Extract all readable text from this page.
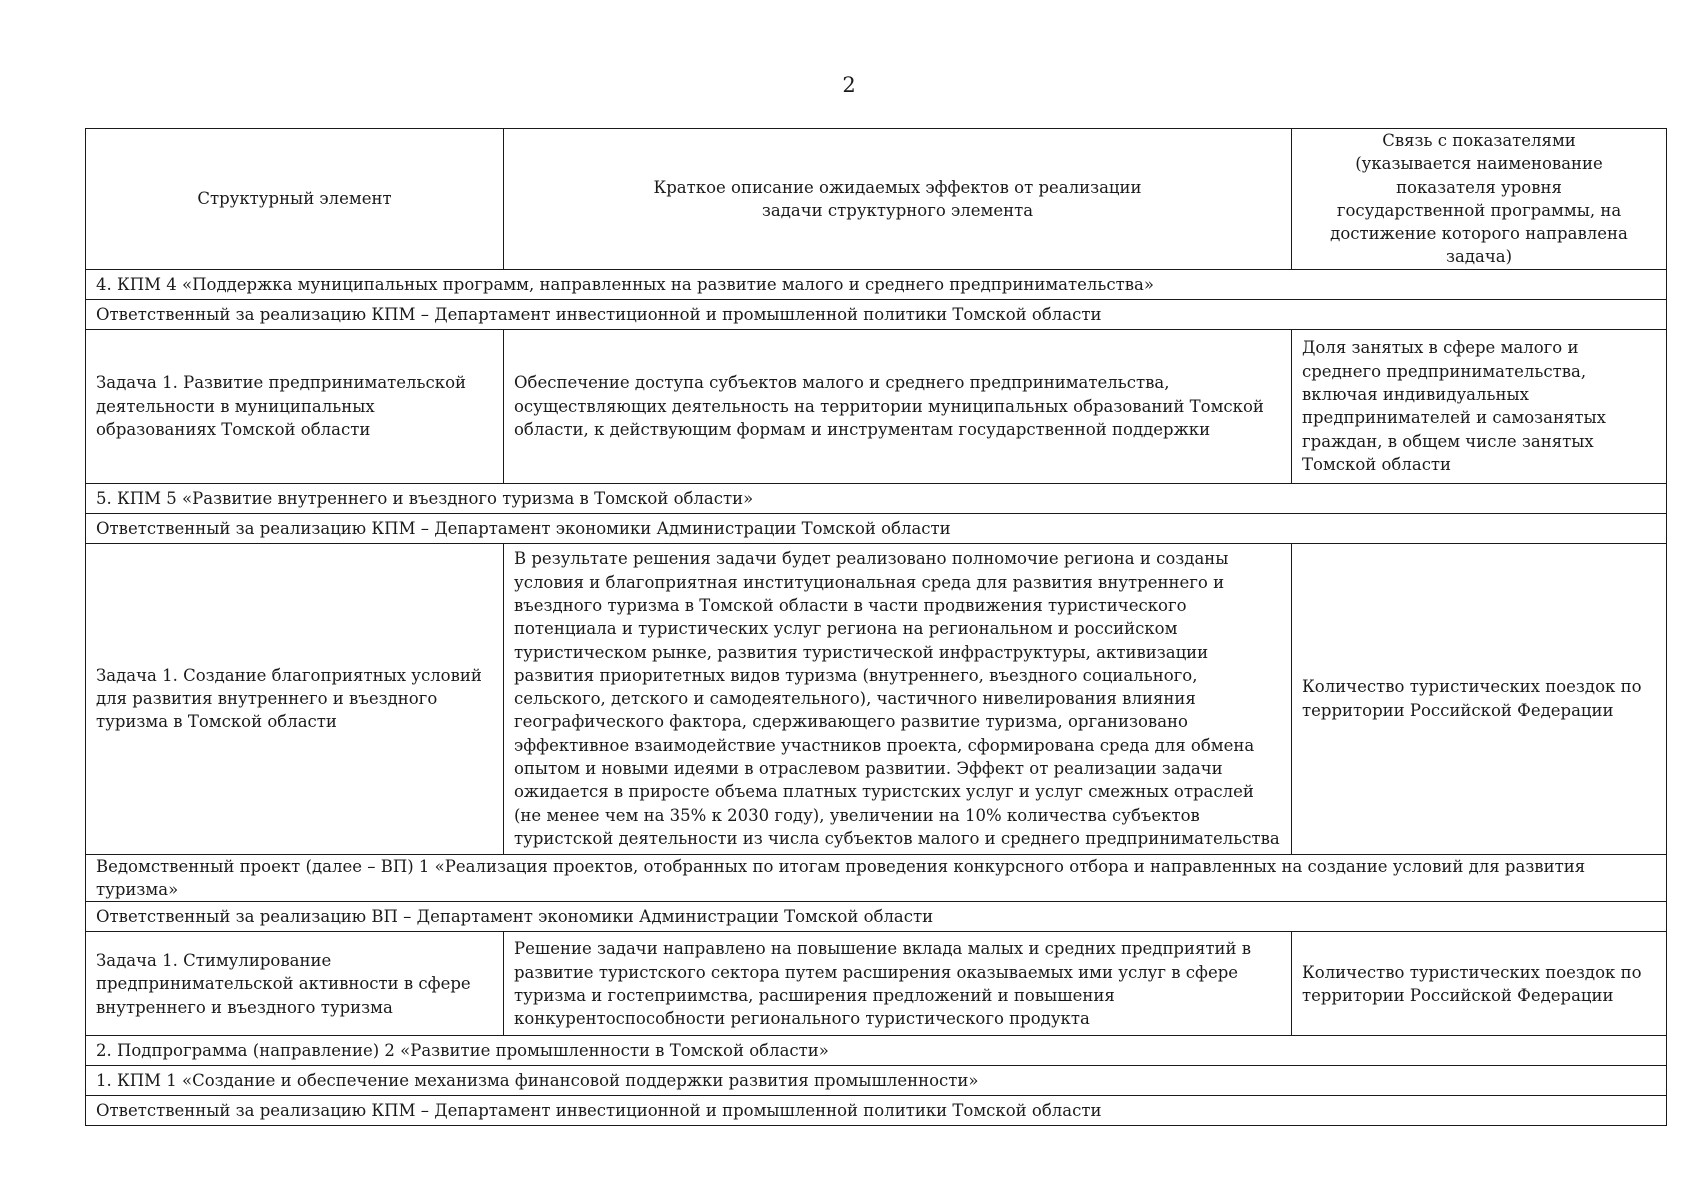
2
Структурный элемент	Краткое описание ожидаемых эффектов от реализации задачи структурного элемента	Связь с показателями (указывается наименование показателя уровня государственной программы, на достижение которого направлена задача)
4. КПМ 4 «Поддержка муниципальных программ, направленных на развитие малого и среднего предпринимательства»		
Ответственный за реализацию КПМ – Департамент инвестиционной и промышленной политики Томской области		
Задача 1. Развитие предпринимательской деятельности в муниципальных образованиях Томской области	Обеспечение доступа субъектов малого и среднего предпринимательства, осуществляющих деятельность на территории муниципальных образований Томской области, к действующим формам и инструментам государственной поддержки	Доля занятых в сфере малого и среднего предпринимательства, включая индивидуальных предпринимателей и самозанятых граждан, в общем числе занятых Томской области
5. КПМ 5 «Развитие внутреннего и въездного туризма в Томской области»		
Ответственный за реализацию КПМ – Департамент экономики Администрации Томской области		
Задача 1. Создание благоприятных условий для развития внутреннего и въездного туризма в Томской области	В результате решения задачи будет реализовано полномочие региона и созданы условия и благоприятная институциональная среда для развития внутреннего и въездного туризма в Томской области в части продвижения туристического потенциала и туристических услуг региона на региональном и российском туристическом рынке, развития туристической инфраструктуры, активизации развития приоритетных видов туризма (внутреннего, въездного социального, сельского, детского и самодеятельного), частичного нивелирования влияния географического фактора, сдерживающего развитие туризма, организовано эффективное взаимодействие участников проекта, сформирована среда для обмена опытом и новыми идеями в отраслевом развитии. Эффект от реализации задачи ожидается в приросте объема платных туристских услуг и услуг смежных отраслей (не менее чем на 35% к 2030 году), увеличении на 10% количества субъектов туристской деятельности из числа субъектов малого и среднего предпринимательства	Количество туристических поездок по территории Российской Федерации
Ведомственный проект (далее – ВП) 1 «Реализация проектов, отобранных по итогам проведения конкурсного отбора и направленных на создание условий для развития туризма»		
Ответственный за реализацию ВП – Департамент экономики Администрации Томской области		
Задача 1. Стимулирование предпринимательской активности в сфере внутреннего и въездного туризма	Решение задачи направлено на повышение вклада малых и средних предприятий в развитие туристского сектора путем расширения оказываемых ими услуг в сфере туризма и гостеприимства, расширения предложений и повышения конкурентоспособности регионального туристического продукта	Количество туристических поездок по территории Российской Федерации
2. Подпрограмма (направление) 2 «Развитие промышленности в Томской области»		
1. КПМ 1 «Создание и обеспечение механизма финансовой поддержки развития промышленности»		
Ответственный за реализацию КПМ – Департамент инвестиционной и промышленной политики Томской области		
